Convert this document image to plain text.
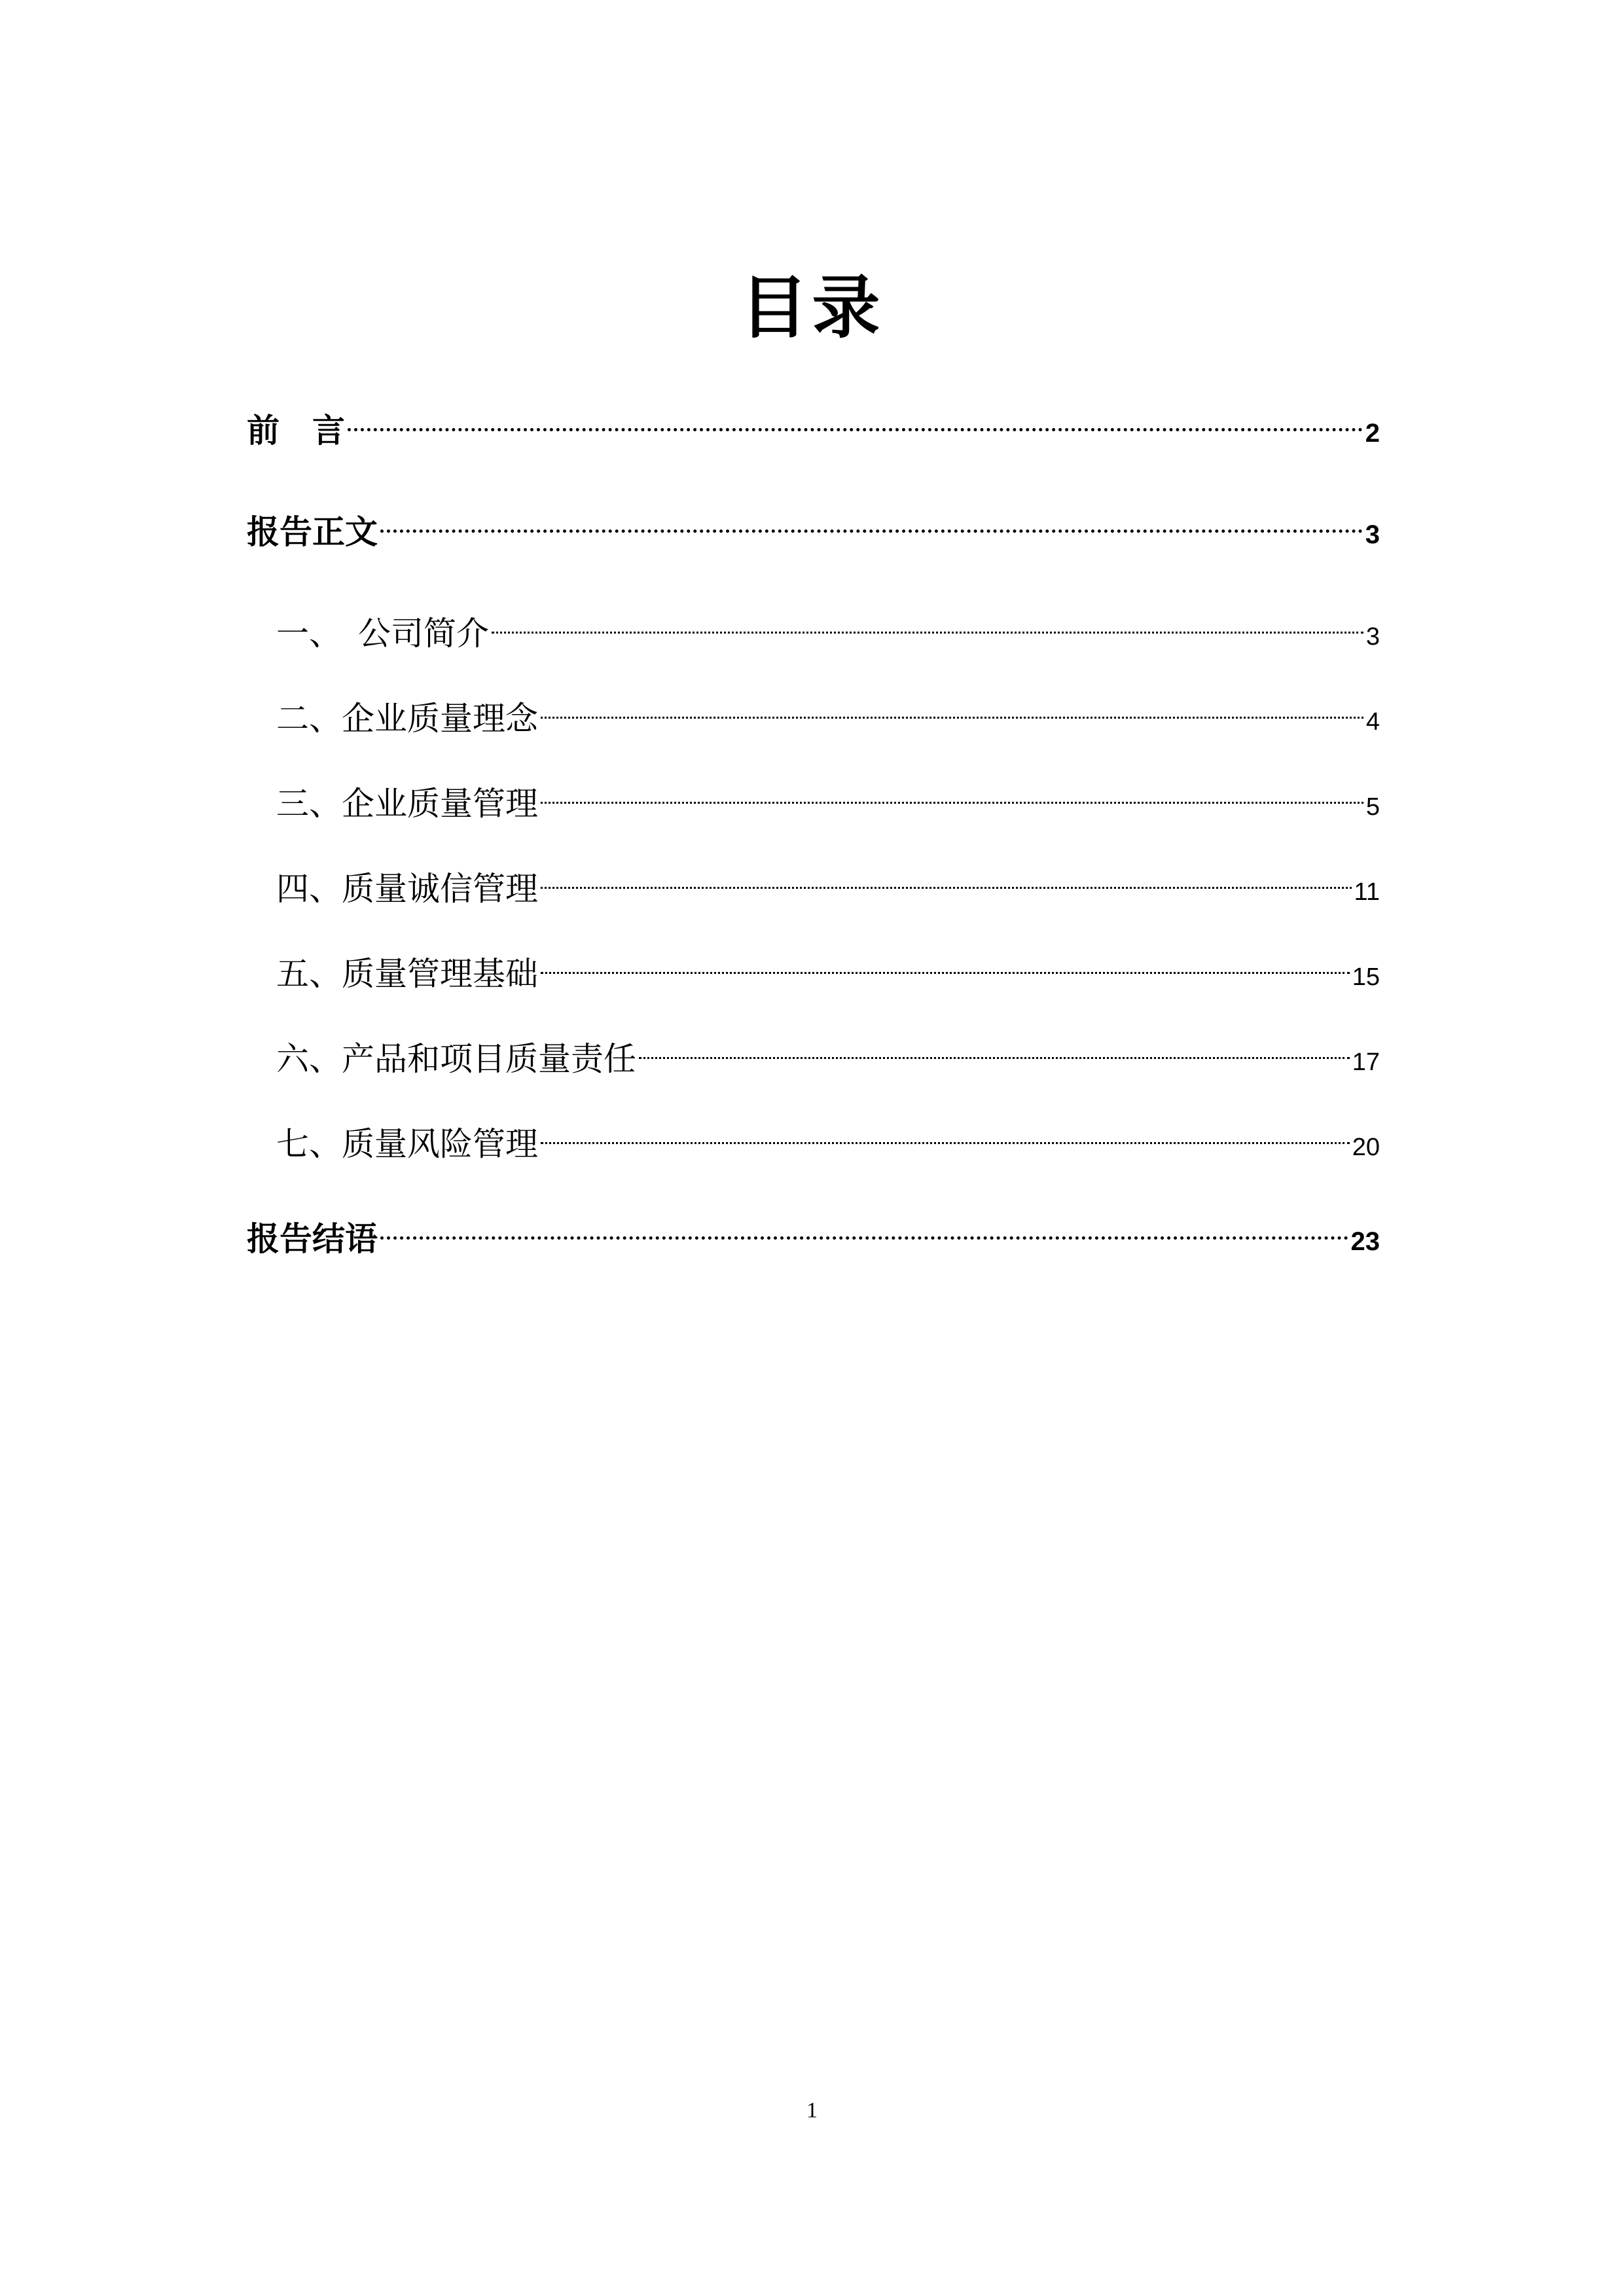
目录
前　言	2
报告正文	3
一、　公司简介	3
二、企业质量理念	4
三、企业质量管理	5
四、质量诚信管理	11
五、质量管理基础	15
六、产品和项目质量责任	17
七、质量风险管理	20
报告结语	23
1
